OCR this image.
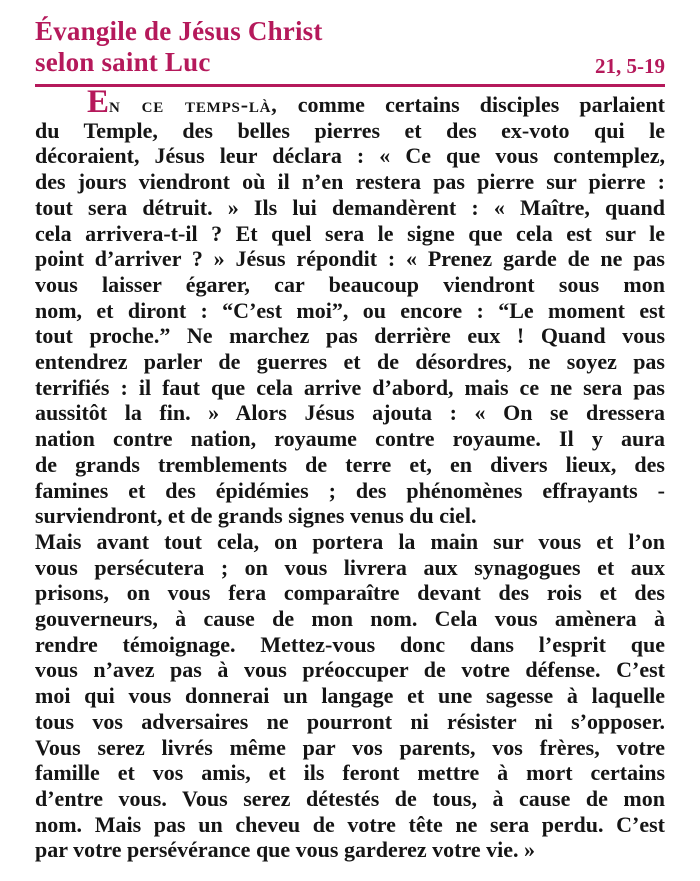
Évangile de Jésus Christ
selon saint Luc	21, 5-19
En ce temps-là, comme certains disciples parlaient
du Temple, des belles pierres et des ex-voto qui le
décoraient, Jésus leur déclara : « Ce que vous contemplez,
des jours viendront où il n’en restera pas pierre sur pierre :
tout sera détruit. » Ils lui demandèrent : « Maître, quand
cela arrivera-t-il ? Et quel sera le signe que cela est sur le
point d’arriver ? » Jésus répondit : « Prenez garde de ne pas
vous laisser égarer, car beaucoup viendront sous mon
nom, et diront : “C’est moi”, ou encore : “Le moment est
tout proche.” Ne marchez pas derrière eux ! Quand vous
entendrez parler de guerres et de désordres, ne soyez pas
terrifiés : il faut que cela arrive d’abord, mais ce ne sera pas
aussitôt la fin. » Alors Jésus ajouta : « On se dressera
nation contre nation, royaume contre royaume. Il y aura
de grands tremblements de terre et, en divers lieux, des
famines et des épidémies ; des phénomènes effrayants -
surviendront, et de grands signes venus du ciel.
Mais avant tout cela, on portera la main sur vous et l’on
vous persécutera ; on vous livrera aux synagogues et aux
prisons, on vous fera comparaître devant des rois et des
gouverneurs, à cause de mon nom. Cela vous amènera à
rendre témoignage. Mettez-vous donc dans l’esprit que
vous n’avez pas à vous préoccuper de votre défense. C’est
moi qui vous donnerai un langage et une sagesse à laquelle
tous vos adversaires ne pourront ni résister ni s’opposer.
Vous serez livrés même par vos parents, vos frères, votre
famille et vos amis, et ils feront mettre à mort certains
d’entre vous. Vous serez détestés de tous, à cause de mon
nom. Mais pas un cheveu de votre tête ne sera perdu. C’est
par votre persévérance que vous garderez votre vie. »
